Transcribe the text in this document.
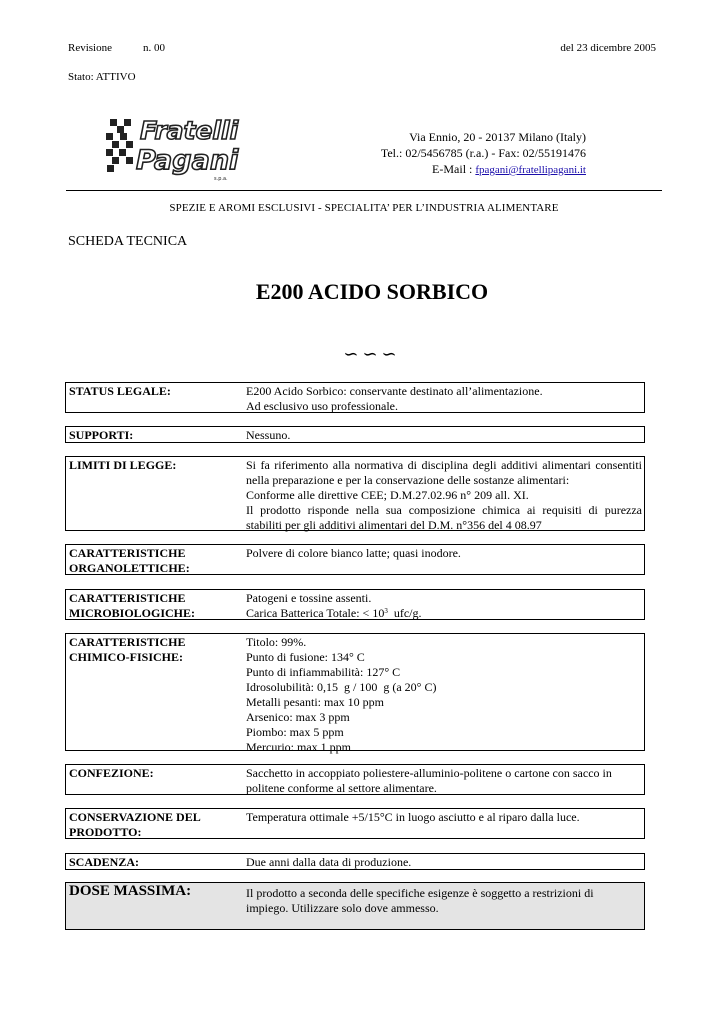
Revisione	n. 00	del 23 dicembre 2005
Stato: ATTIVO
Fratelli
Pagani
s.p.a.
Via Ennio, 20 - 20137 Milano (Italy)
Tel.: 02/5456785 (r.a.) - Fax: 02/55191476
E-Mail : fpagani@fratellipagani.it
SPEZIE E AROMI ESCLUSIVI - SPECIALITA’ PER L’INDUSTRIA ALIMENTARE
SCHEDA TECNICA
E200 ACIDO SORBICO
∽∽∽
STATUS LEGALE:	E200 Acido Sorbico: conservante destinato all’alimentazione.
Ad esclusivo uso professionale.
SUPPORTI:	Nessuno.
LIMITI DI LEGGE:	Si fa riferimento alla normativa di disciplina degli additivi alimentari consentiti
nella preparazione e per la conservazione delle sostanze alimentari:
Conforme alle direttive CEE; D.M.27.02.96 n° 209 all. XI.
Il prodotto risponde nella sua composizione chimica ai requisiti di purezza
stabiliti per gli additivi alimentari del D.M. n°356 del 4 08.97
CARATTERISTICHE
ORGANOLETTICHE:
Polvere di colore bianco latte; quasi inodore.
CARATTERISTICHE
MICROBIOLOGICHE:
Patogeni e tossine assenti.
Carica Batterica Totale: < $10^3$  ufc/g.
CARATTERISTICHE
CHIMICO-FISICHE:
Titolo: 99%.
Punto di fusione: 134° C
Punto di infiammabilità: 127° C
Idrosolubilità: 0,15  g / 100  g (a 20° C)
Metalli pesanti: max 10 ppm
Arsenico: max 3 ppm
Piombo: max 5 ppm
Mercurio: max 1 ppm
CONFEZIONE:	Sacchetto in accoppiato poliestere-alluminio-politene o cartone con sacco in
politene conforme al settore alimentare.
CONSERVAZIONE DEL
PRODOTTO:
Temperatura ottimale +5/15°C in luogo asciutto e al riparo dalla luce.
SCADENZA:	Due anni dalla data di produzione.
DOSE MASSIMA:	Il prodotto a seconda delle specifiche esigenze è soggetto a restrizioni di
impiego. Utilizzare solo dove ammesso.
